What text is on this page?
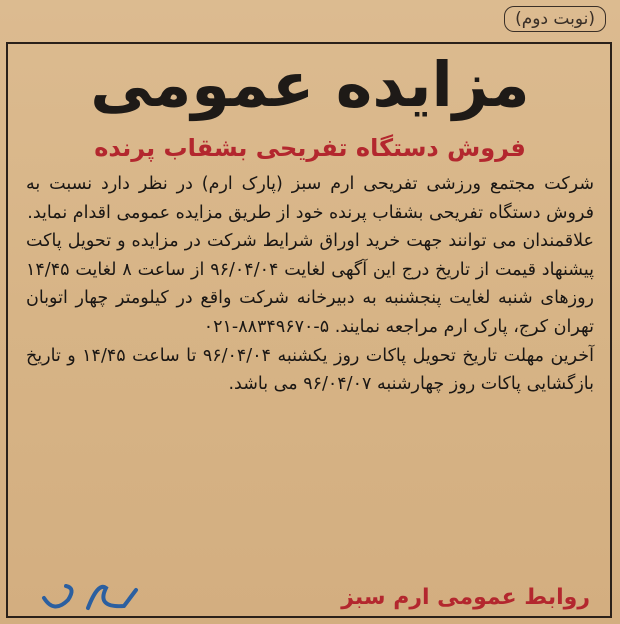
(نوبت دوم)
مزایده عمومی
فروش دستگاه تفریحی بشقاب پرنده

شرکت مجتمع ورزشی تفریحی ارم سبز (پارک ارم) در نظر دارد نسبت به فروش دستگاه تفریحی بشقاب پرنده خود از طریق مزایده عمومی اقدام نماید.

علاقمندان می توانند جهت خرید اوراق شرایط شرکت در مزایده و تحویل پاکت پیشنهاد قیمت از تاریخ درج این آگهی لغایت ۹۶/۰۴/۰۴ از ساعت ۸ لغایت ۱۴/۴۵ روزهای شنبه لغایت پنجشنبه به دبیرخانه شرکت واقع در کیلومتر چهار اتوبان تهران کرج، پارک ارم مراجعه نمایند. ۰۲۱-۸۸۳۴۹۶۷۰-۵

آخرین مهلت تاریخ تحویل پاکات روز یکشنبه ۹۶/۰۴/۰۴ تا ساعت ۱۴/۴۵ و تاریخ بازگشایی پاکات روز چهارشنبه ۹۶/۰۴/۰۷ می باشد.

روابط عمومی ارم سبز
